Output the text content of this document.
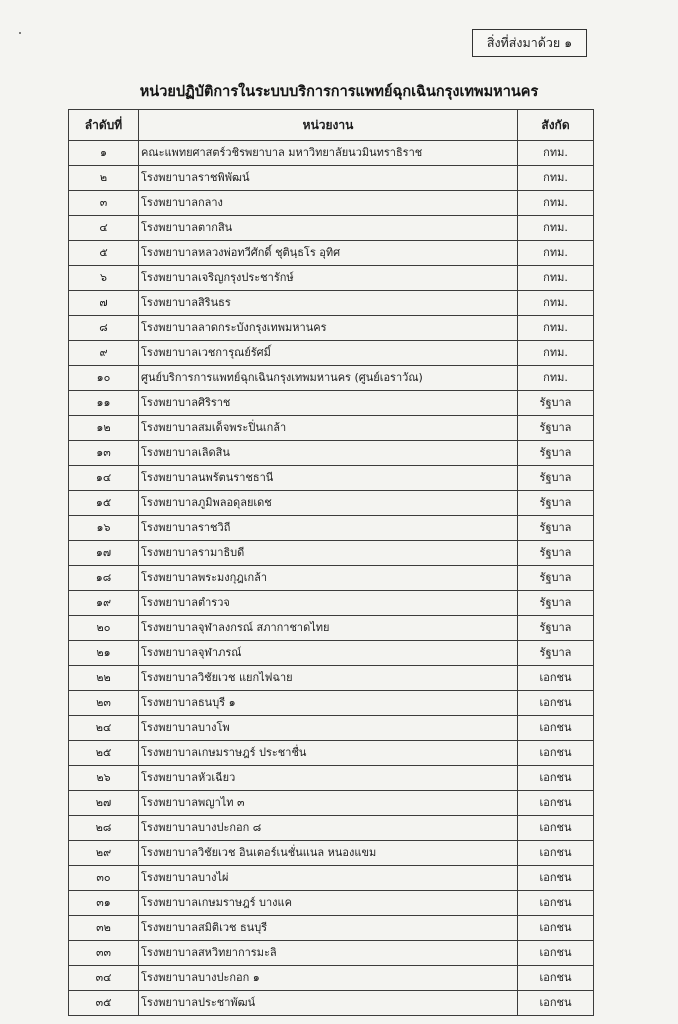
สิ่งที่ส่งมาด้วย ๑
หน่วยปฏิบัติการในระบบบริการการแพทย์ฉุกเฉินกรุงเทพมหานคร
ลำดับที่	หน่วยงาน	สังกัด
๑	คณะแพทยศาสตร์วชิรพยาบาล มหาวิทยาลัยนวมินทราธิราช	กทม.
๒	โรงพยาบาลราชพิพัฒน์	กทม.
๓	โรงพยาบาลกลาง	กทม.
๔	โรงพยาบาลตากสิน	กทม.
๕	โรงพยาบาลหลวงพ่อทวีศักดิ์ ชุตินฺธโร อุทิศ	กทม.
๖	โรงพยาบาลเจริญกรุงประชารักษ์	กทม.
๗	โรงพยาบาลสิรินธร	กทม.
๘	โรงพยาบาลลาดกระบังกรุงเทพมหานคร	กทม.
๙	โรงพยาบาลเวชการุณย์รัศมิ์	กทม.
๑๐	ศูนย์บริการการแพทย์ฉุกเฉินกรุงเทพมหานคร (ศูนย์เอราวัณ)	กทม.
๑๑	โรงพยาบาลศิริราช	รัฐบาล
๑๒	โรงพยาบาลสมเด็จพระปิ่นเกล้า	รัฐบาล
๑๓	โรงพยาบาลเลิดสิน	รัฐบาล
๑๔	โรงพยาบาลนพรัตนราชธานี	รัฐบาล
๑๕	โรงพยาบาลภูมิพลอดุลยเดช	รัฐบาล
๑๖	โรงพยาบาลราชวิถี	รัฐบาล
๑๗	โรงพยาบาลรามาธิบดี	รัฐบาล
๑๘	โรงพยาบาลพระมงกุฎเกล้า	รัฐบาล
๑๙	โรงพยาบาลตำรวจ	รัฐบาล
๒๐	โรงพยาบาลจุฬาลงกรณ์ สภากาชาดไทย	รัฐบาล
๒๑	โรงพยาบาลจุฬาภรณ์	รัฐบาล
๒๒	โรงพยาบาลวิชัยเวช แยกไฟฉาย	เอกชน
๒๓	โรงพยาบาลธนบุรี ๑	เอกชน
๒๔	โรงพยาบาลบางโพ	เอกชน
๒๕	โรงพยาบาลเกษมราษฎร์ ประชาชื่น	เอกชน
๒๖	โรงพยาบาลหัวเฉียว	เอกชน
๒๗	โรงพยาบาลพญาไท ๓	เอกชน
๒๘	โรงพยาบาลบางปะกอก ๘	เอกชน
๒๙	โรงพยาบาลวิชัยเวช อินเตอร์เนชั่นแนล หนองแขม	เอกชน
๓๐	โรงพยาบาลบางไผ่	เอกชน
๓๑	โรงพยาบาลเกษมราษฎร์ บางแค	เอกชน
๓๒	โรงพยาบาลสมิติเวช ธนบุรี	เอกชน
๓๓	โรงพยาบาลสหวิทยาการมะลิ	เอกชน
๓๔	โรงพยาบาลบางปะกอก ๑	เอกชน
๓๕	โรงพยาบาลประชาพัฒน์	เอกชน
